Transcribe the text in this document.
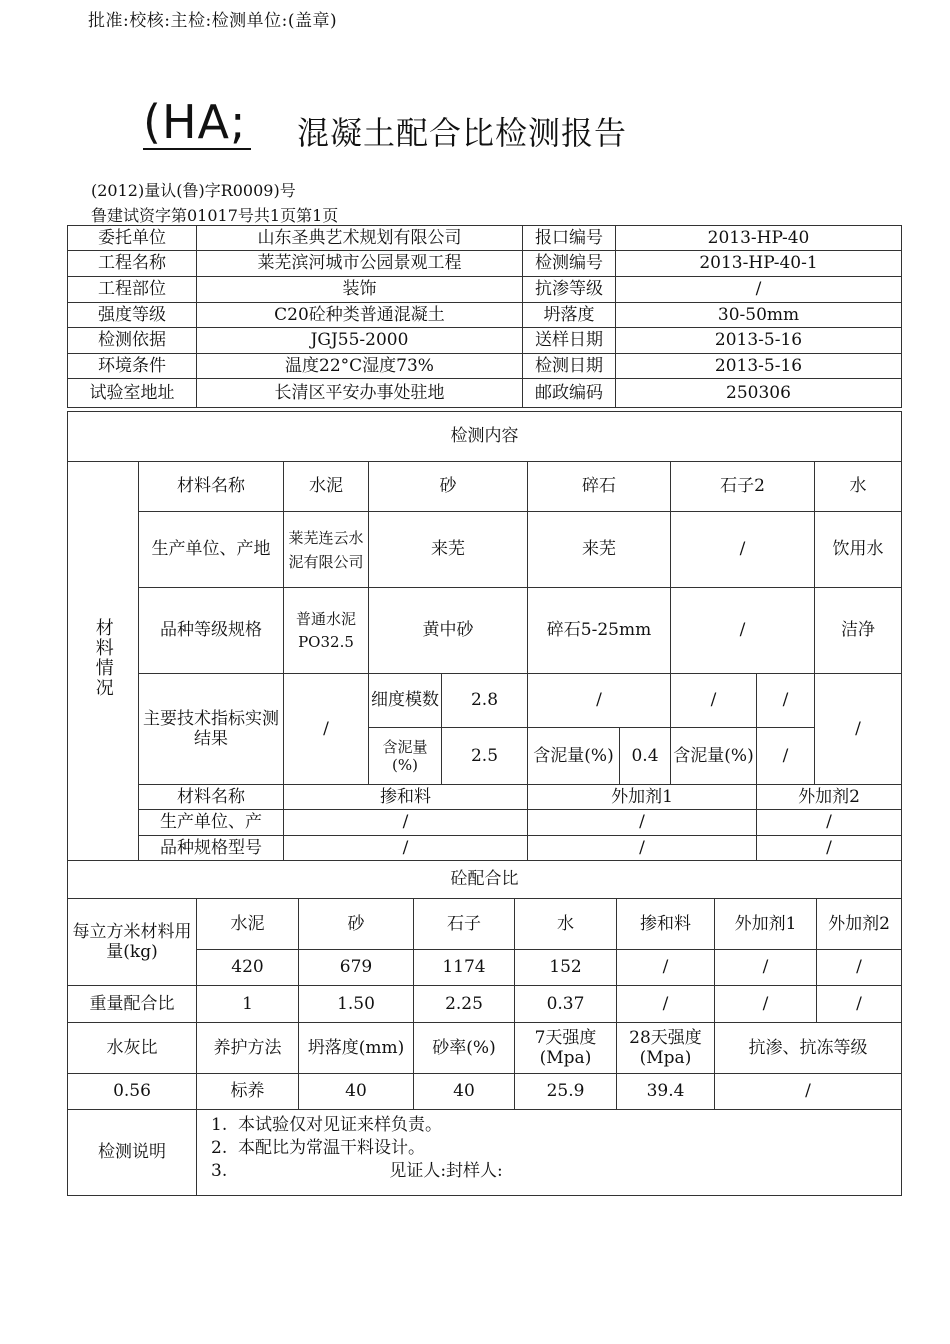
批准:校核:主检:检测单位:(盖章)
(HA; 混凝土配合比检测报告
(2012)量认(鲁)字R0009)号
鲁建试资字第01017号共1页第1页
委托单位	山东圣典艺术规划有限公司	报口编号	2013-HP-40
工程名称	莱芜滨河城市公园景观工程	检测编号	2013-HP-40-1
工程部位	装饰	抗渗等级	/
强度等级	C20砼种类普通混凝土	坍落度	30-50mm
检测依据	JGJ55-2000	送样日期	2013-5-16
环境条件	温度22°C湿度73%	检测日期	2013-5-16
试验室地址	长清区平安办事处驻地	邮政编码	250306
检测内容									
材料情况	材料名称	水泥	砂		碎石		石子2		水
	生产单位、产地	莱芜连云水泥有限公司	来芜		来芜		/		饮用水
	品种等级规格	普通水泥PO32.5	黄中砂		碎石5-25mm		/		洁净
	主要技术指标实测结果	/	细度模数	2.8	/		/	/	/
			含泥量(%)	2.5	含泥量(%)	0.4	含泥量(%)	/	
	材料名称	掺和料			外加剂1			外加剂2	
	生产单位、产	/			/			/	
	品种规格型号	/			/			/	
砼配合比							
每立方米材料用量(kg)	水泥	砂	石子	水	掺和料	外加剂1	外加剂2
	420	679	1174	152	/	/	/
重量配合比	1	1.50	2.25	0.37	/	/	/
水灰比	养护方法	坍落度(mm)	砂率(%)	7天强度(Mpa)	28天强度(Mpa)	抗渗、抗冻等级	
0.56	标养	40	40	25.9	39.4	/	
检测说明	1.  本试验仅对见证来样负责。
2.  本配比为常温干料设计。
3.                              见证人:封样人:						
